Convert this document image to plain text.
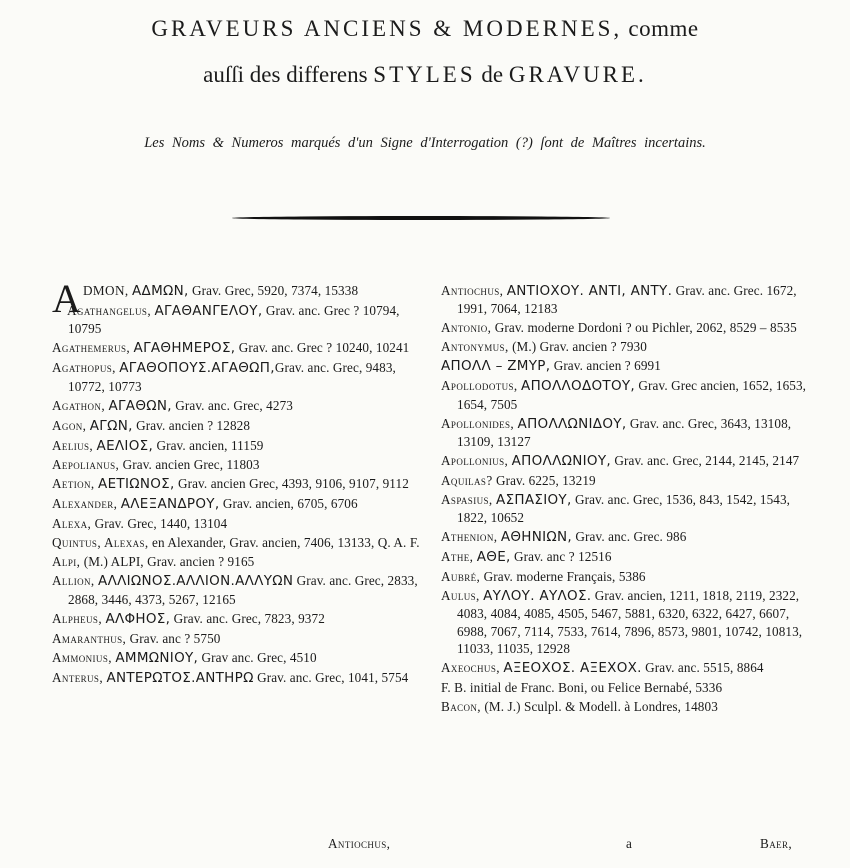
GRAVEURS ANCIENS & MODERNES, comme
auſſi des differens STYLES de GRAVURE.
Les Noms & Numeros marqués d'un Signe d'Interrogation (?) ſont de Maîtres incertains.
ADMON, ΑΔΜΩΝ, Grav. Grec, 5920, 7374, 15338
Agathangelus, ΑΓΑΘΑΝΓΕΛΟΥ, Grav. anc. Grec ? 10794, 10795
Agathemerus, ΑΓΑΘΗΜΕΡΟΣ, Grav. anc. Grec ? 10240, 10241
Agathopus, ΑΓΑΘΟΠΟΥΣ.ΑΓΑΘΩΠ,Grav. anc. Grec, 9483, 10772, 10773
Agathon, ΑΓΑΘΩΝ, Grav. anc. Grec, 4273
Agon, ΑΓΩΝ, Grav. ancien ? 12828
Aelius, ΑΕΛΙΟΣ, Grav. ancien, 11159
Aepolianus, Grav. ancien Grec, 11803
Aetion, ΑΕΤΙΩΝΟΣ, Grav. ancien Grec, 4393, 9106, 9107, 9112
Alexander, ΑΛΕΞΑΝΔΡΟΥ, Grav. ancien, 6705, 6706
Alexa, Grav. Grec, 1440, 13104
Quintus, Alexas, en Alexander, Grav. ancien, 7406, 13133, Q. A. F.
Alpi, (M.) ALPI, Grav. ancien ? 9165
Allion, ΑΛΛΙΩΝΟΣ.ΑΛΛΙΟΝ.ΑΛΛΥΩΝ Grav. anc. Grec, 2833, 2868, 3446, 4373, 5267, 12165
Alpheus, ΑΛΦΗΟΣ, Grav. anc. Grec, 7823, 9372
Amaranthus, Grav. anc ? 5750
Ammonius, ΑΜΜΩΝΙΟΥ, Grav anc. Grec, 4510
Anterus, ΑΝΤΕΡΩΤΟΣ.ΑΝΤΗΡΩ Grav. anc. Grec, 1041, 5754
Antiochus, ΑΝΤΙΟΧΟΥ. ΑΝΤΙ, ΑΝΤΥ. Grav. anc. Grec. 1672, 1991, 7064, 12183
Antonio, Grav. moderne Dordoni ? ou Pichler, 2062, 8529 – 8535
Antonymus, (M.) Grav. ancien ? 7930
ΑΠΟΛΛ – ΖΜΥΡ, Grav. ancien ? 6991
Apollodotus, ΑΠΟΛΛΟΔΟΤΟΥ, Grav. Grec ancien, 1652, 1653, 1654, 7505
Apollonides, ΑΠΟΛΛΩΝΙΔΟΥ, Grav. anc. Grec, 3643, 13108, 13109, 13127
Apollonius, ΑΠΟΛΛΩΝΙΟΥ, Grav. anc. Grec, 2144, 2145, 2147
Aquilas? Grav. 6225, 13219
Aspasius, ΑΣΠΑΣΙΟΥ, Grav. anc. Grec, 1536, 843, 1542, 1543, 1822, 10652
Athenion, ΑΘΗΝΙΩΝ, Grav. anc. Grec. 986
Athe, ΑΘΕ, Grav. anc ? 12516
Aubré, Grav. moderne Français, 5386
Aulus, ΑΥΛΟΥ. ΑΥΛΟΣ. Grav. ancien, 1211, 1818, 2119, 2322, 4083, 4084, 4085, 4505, 5467, 5881, 6320, 6322, 6427, 6607, 6988, 7067, 7114, 7533, 7614, 7896, 8573, 9801, 10742, 10813, 11033, 11035, 12928
Axeochus, ΑΞΕΟΧΟΣ. ΑΞΕΧΟΧ. Grav. anc. 5515, 8864
F. B. initial de Franc. Boni, ou Felice Bernabé, 5336
Bacon, (M. J.) Sculpl. & Modell. à Londres, 14803
Antiochus,	a	Baer,
